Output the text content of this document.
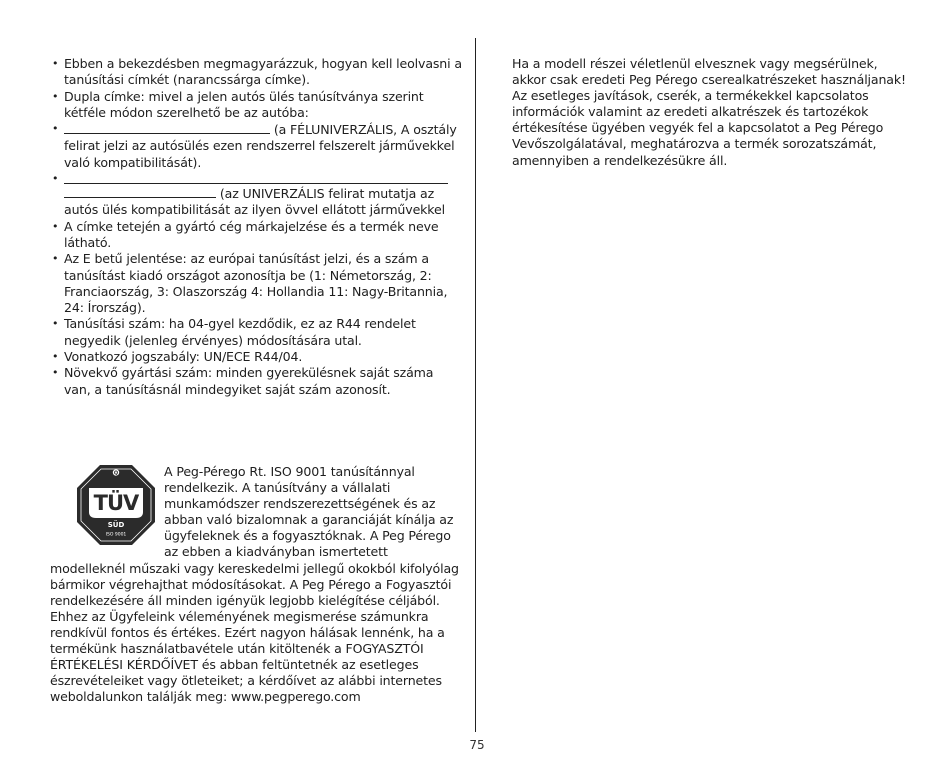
• Ebben a bekezdésben megmagyarázzuk, hogyan kell leolvasni a tanúsítási címkét (narancssárga címke).
• Dupla címke: mivel a jelen autós ülés tanúsítványa szerint kétféle módon szerelhető be az autóba:
• (a FÉLUNIVERZÁLIS, A osztály felirat jelzi az autósülés ezen rendszerrel felszerelt járművekkel való kompatibilitását).
• (az UNIVERZÁLIS felirat mutatja az autós ülés kompatibilitását az ilyen övvel ellátott járművekkel
• A címke tetején a gyártó cég márkajelzése és a termék neve látható.
• Az E betű jelentése: az európai tanúsítást jelzi, és a szám a tanúsítást kiadó országot azonosítja be (1: Németország, 2: Franciaország, 3: Olaszország 4: Hollandia 11: Nagy-Britannia, 24: Írország).
• Tanúsítási szám: ha 04-gyel kezdődik, ez az R44 rendelet negyedik (jelenleg érvényes) módosítására utal.
• Vonatkozó jogszabály: UN/ECE R44/04.
• Növekvő gyártási szám: minden gyerekülésnek saját száma van, a tanúsításnál mindegyiket saját szám azonosít.
Q
TÜV
SÜD
ISO 9001
A Peg-Pérego Rt. ISO 9001 tanúsítánnyal rendelkezik. A tanúsítvány a vállalati munkamódszer rendszerezettségének és az abban való bizalomnak a garanciáját kínálja az ügyfeleknek és a fogyasztóknak. A Peg Pérego az ebben a kiadványban ismertetett modelleknél műszaki vagy kereskedelmi jellegű okokból kifolyólag bármikor végrehajthat módosításokat. A Peg Pérego a Fogyasztói rendelkezésére áll minden igényük legjobb kielégítése céljából. Ehhez az Ügyfeleink véleményének megismerése számunkra rendkívül fontos és értékes. Ezért nagyon hálásak lennénk, ha a termékünk használatbavétele után kitöltenék a FOGYASZTÓI ÉRTÉKELÉSI KÉRDŐÍVET és abban feltüntetnék az esetleges észrevételeiket vagy ötleteiket; a kérdőívet az alábbi internetes weboldalunkon találják meg: www.pegperego.com
Ha a modell részei véletlenül elvesznek vagy megsérülnek, akkor csak eredeti Peg Pérego cserealkatrészeket használjanak! Az esetleges javítások, cserék, a termékekkel kapcsolatos információk valamint az eredeti alkatrészek és tartozékok értékesítése ügyében vegyék fel a kapcsolatot a Peg Pérego Vevőszolgálatával, meghatározva a termék sorozatszámát, amennyiben a rendelkezésükre áll.
75
